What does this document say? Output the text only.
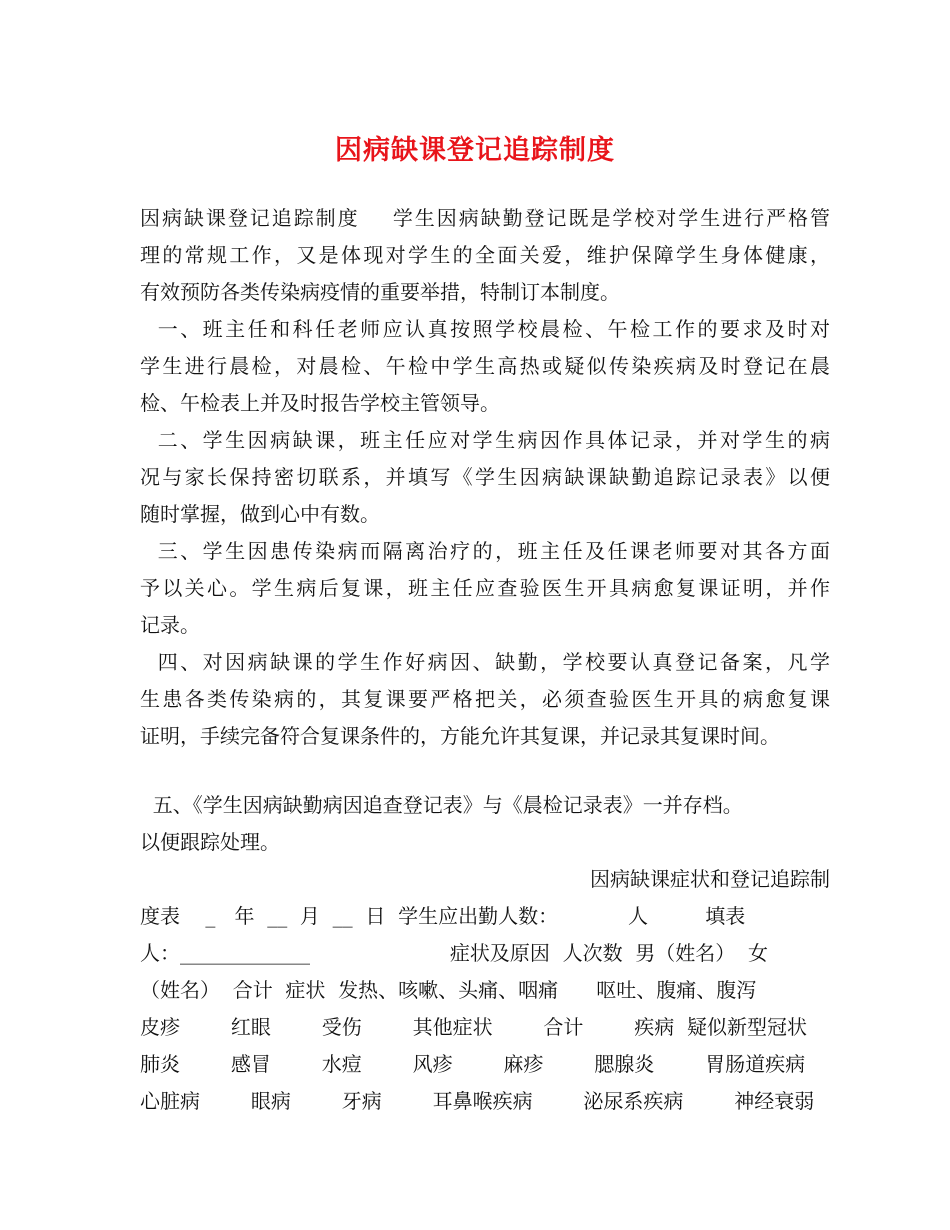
因病缺课登记追踪制度
因病缺课登记追踪制度    学生因病缺勤登记既是学校对学生进行严格管
理的常规工作，又是体现对学生的全面关爱，维护保障学生身体健康，
有效预防各类传染病疫情的重要举措，特制订本制度。
一、班主任和科任老师应认真按照学校晨检、午检工作的要求及时对
学生进行晨检，对晨检、午检中学生高热或疑似传染疾病及时登记在晨
检、午检表上并及时报告学校主管领导。
二、学生因病缺课，班主任应对学生病因作具体记录，并对学生的病
况与家长保持密切联系，并填写《学生因病缺课缺勤追踪记录表》以便
随时掌握，做到心中有数。
三、学生因患传染病而隔离治疗的，班主任及任课老师要对其各方面
予以关心。学生病后复课，班主任应查验医生开具病愈复课证明，并作
记录。
四、对因病缺课的学生作好病因、缺勤，学校要认真登记备案，凡学
生患各类传染病的，其复课要严格把关，必须查验医生开具的病愈复课
证明，手续完备符合复课条件的，方能允许其复课，并记录其复课时间。
五、《学生因病缺勤病因追查登记表》与《晨检记录表》一并存档。
以便跟踪处理。
因病缺课症状和登记追踪制
度表    _   年  __  月  __  日  学生应出勤人数：           人         填表
人：_____________                      症状及原因  人次数  男（姓名）  女
（姓名）  合计  症状  发热、咳嗽、头痛、咽痛      呕吐、腹痛、腹泻
皮疹        红眼        受伤        其他症状        合计        疾病  疑似新型冠状
肺炎        感冒        水痘        风疹        麻疹        腮腺炎        胃肠道疾病
心脏病        眼病        牙病        耳鼻喉疾病        泌尿系疾病        神经衰弱
